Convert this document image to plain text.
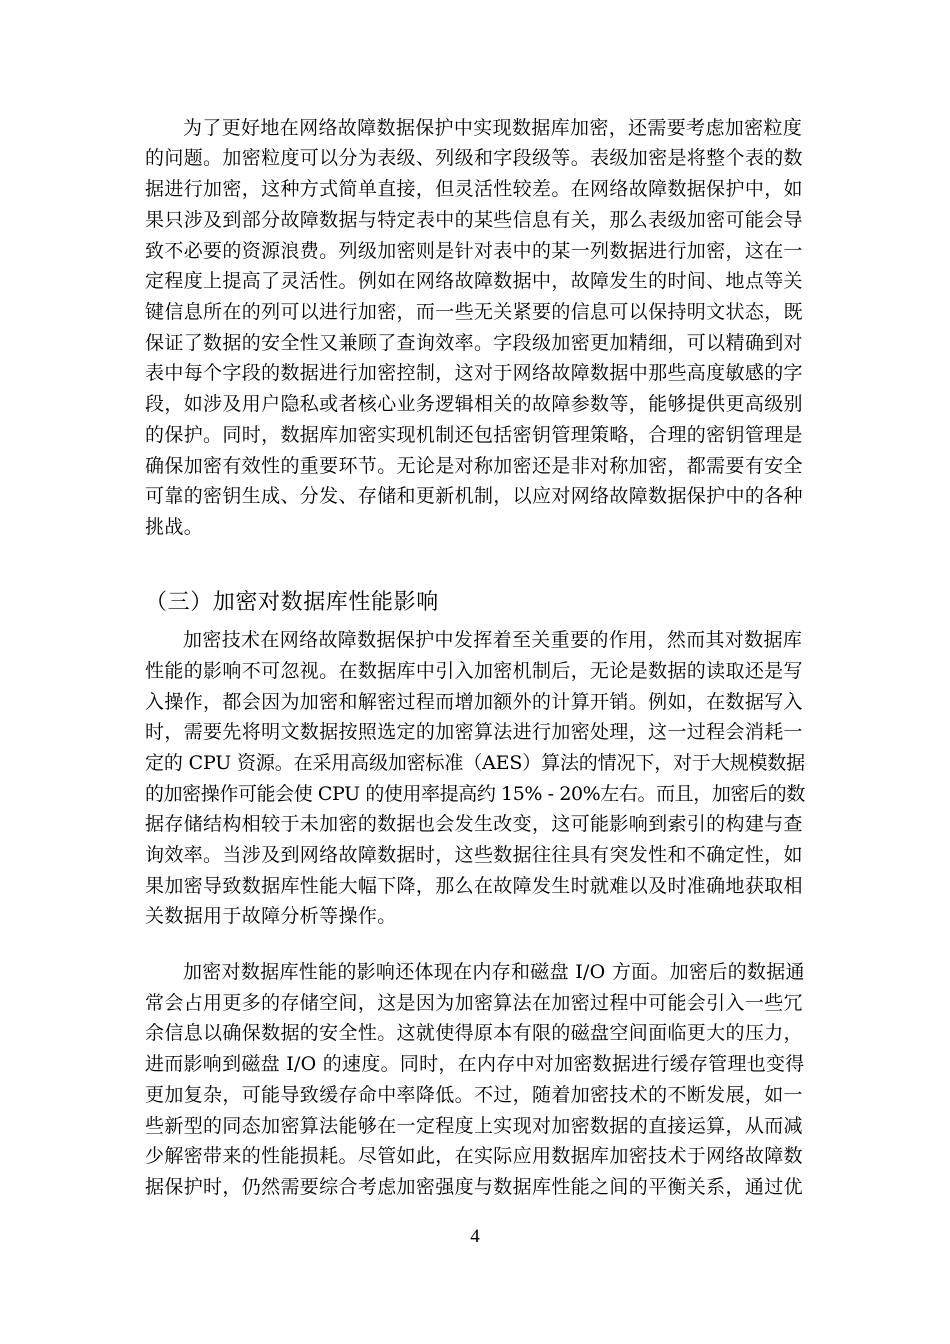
为了更好地在网络故障数据保护中实现数据库加密，还需要考虑加密粒度
的问题。加密粒度可以分为表级、列级和字段级等。表级加密是将整个表的数
据进行加密，这种方式简单直接，但灵活性较差。在网络故障数据保护中，如
果只涉及到部分故障数据与特定表中的某些信息有关，那么表级加密可能会导
致不必要的资源浪费。列级加密则是针对表中的某一列数据进行加密，这在一
定程度上提高了灵活性。例如在网络故障数据中，故障发生的时间、地点等关
键信息所在的列可以进行加密，而一些无关紧要的信息可以保持明文状态，既
保证了数据的安全性又兼顾了查询效率。字段级加密更加精细，可以精确到对
表中每个字段的数据进行加密控制，这对于网络故障数据中那些高度敏感的字
段，如涉及用户隐私或者核心业务逻辑相关的故障参数等，能够提供更高级别
的保护。同时，数据库加密实现机制还包括密钥管理策略，合理的密钥管理是
确保加密有效性的重要环节。无论是对称加密还是非对称加密，都需要有安全
可靠的密钥生成、分发、存储和更新机制，以应对网络故障数据保护中的各种
挑战。
（三）加密对数据库性能影响
加密技术在网络故障数据保护中发挥着至关重要的作用，然而其对数据库
性能的影响不可忽视。在数据库中引入加密机制后，无论是数据的读取还是写
入操作，都会因为加密和解密过程而增加额外的计算开销。例如，在数据写入
时，需要先将明文数据按照选定的加密算法进行加密处理，这一过程会消耗一
定的 CPU 资源。在采用高级加密标准（AES）算法的情况下，对于大规模数据
的加密操作可能会使 CPU 的使用率提高约 15% - 20%左右。而且，加密后的数
据存储结构相较于未加密的数据也会发生改变，这可能影响到索引的构建与查
询效率。当涉及到网络故障数据时，这些数据往往具有突发性和不确定性，如
果加密导致数据库性能大幅下降，那么在故障发生时就难以及时准确地获取相
关数据用于故障分析等操作。
加密对数据库性能的影响还体现在内存和磁盘 I/O 方面。加密后的数据通
常会占用更多的存储空间，这是因为加密算法在加密过程中可能会引入一些冗
余信息以确保数据的安全性。这就使得原本有限的磁盘空间面临更大的压力，
进而影响到磁盘 I/O 的速度。同时，在内存中对加密数据进行缓存管理也变得
更加复杂，可能导致缓存命中率降低。不过，随着加密技术的不断发展，如一
些新型的同态加密算法能够在一定程度上实现对加密数据的直接运算，从而减
少解密带来的性能损耗。尽管如此，在实际应用数据库加密技术于网络故障数
据保护时，仍然需要综合考虑加密强度与数据库性能之间的平衡关系，通过优
4
